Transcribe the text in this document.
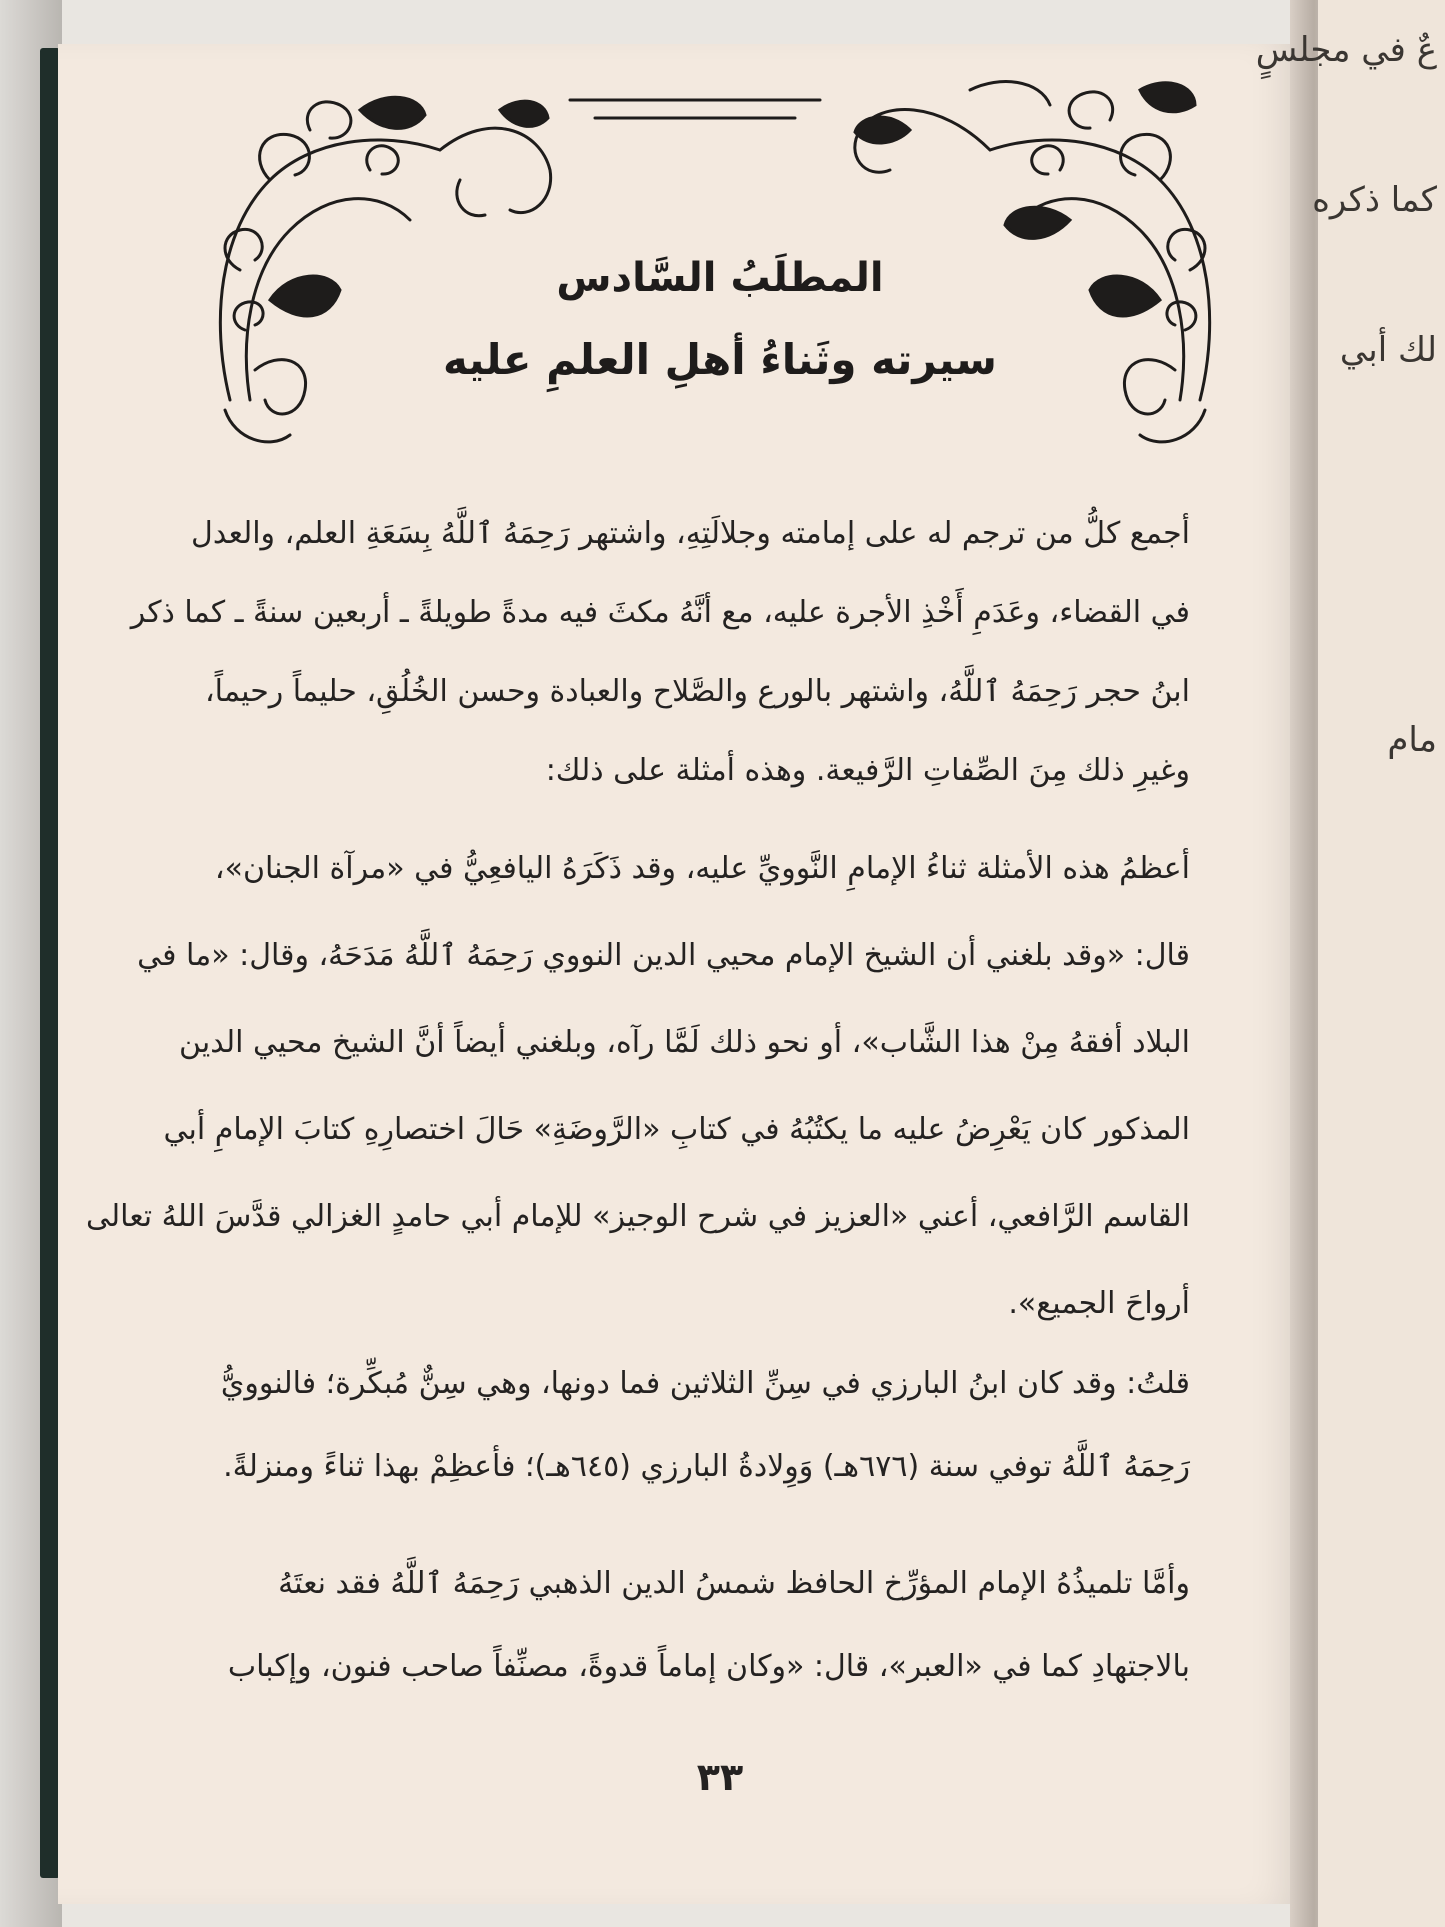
المطلَبُ السَّادس
سيرته وثَناءُ أهلِ العلمِ عليه
أجمع كلُّ من ترجم له على إمامته وجلالَتِهِ، واشتهر رَحِمَهُ ٱللَّهُ بِسَعَةِ العلم، والعدل
في القضاء، وعَدَمِ أَخْذِ الأجرة عليه، مع أنَّهُ مكثَ فيه مدةً طويلةً ـ أربعين سنةً ـ كما ذكر
ابنُ حجر رَحِمَهُ ٱللَّهُ، واشتهر بالورع والصَّلاح والعبادة وحسن الخُلُقِ، حليماً رحيماً،
وغيرِ ذلك مِنَ الصِّفاتِ الرَّفيعة. وهذه أمثلة على ذلك:
أعظمُ هذه الأمثلة ثناءُ الإمامِ النَّوويِّ عليه، وقد ذَكَرَهُ اليافعِيُّ في «مرآة الجنان»،
قال: «وقد بلغني أن الشيخ الإمام محيي الدين النووي رَحِمَهُ ٱللَّهُ مَدَحَهُ، وقال: «ما في
البلاد أفقهُ مِنْ هذا الشَّاب»، أو نحو ذلك لَمَّا رآه، وبلغني أيضاً أنَّ الشيخ محيي الدين
المذكور كان يَعْرِضُ عليه ما يكتُبُهُ في كتابِ «الرَّوضَةِ» حَالَ اختصارِهِ كتابَ الإمامِ أبي
القاسم الرَّافعي، أعني «العزيز في شرح الوجيز» للإمام أبي حامدٍ الغزالي قدَّسَ اللهُ تعالى
أرواحَ الجميع».
قلتُ: وقد كان ابنُ البارزي في سِنِّ الثلاثين فما دونها، وهي سِنٌّ مُبكِّرة؛ فالنوويُّ
رَحِمَهُ ٱللَّهُ توفي سنة (٦٧٦هـ) وَوِلادةُ البارزي (٦٤٥هـ)؛ فأعظِمْ بهذا ثناءً ومنزلةً.
وأمَّا تلميذُهُ الإمام المؤرِّخ الحافظ شمسُ الدين الذهبي رَحِمَهُ ٱللَّهُ فقد نعتَهُ
بالاجتهادِ كما في «العبر»، قال: «وكان إماماً قدوةً، مصنِّفاً صاحب فنون، وإكباب
٣٣
عٌ في مجلسٍ
كما ذكره
لك أبي
مام
